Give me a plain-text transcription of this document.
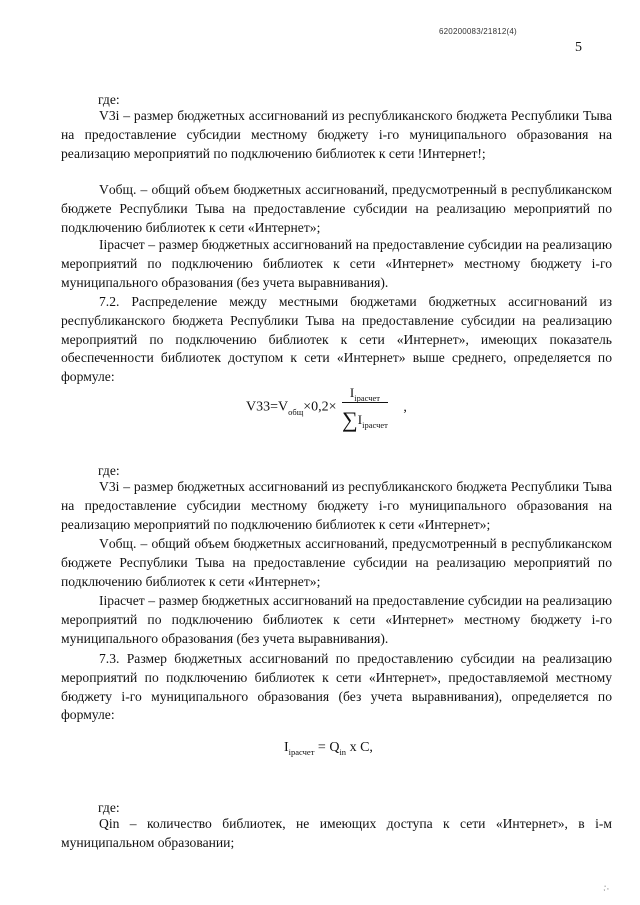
620200083/21812(4)
5
где:

V3i – размер бюджетных ассигнований из республиканского бюджета Республики Тыва на предоставление субсидии местному бюджету i-го муниципального образования на реализацию мероприятий по подключению библиотек к сети !Интернет!;

Vобщ. – общий объем бюджетных ассигнований, предусмотренный в республиканском бюджете Республики Тыва на предоставление субсидии на реализацию мероприятий по подключению библиотек к сети «Интернет»;

Iiрасчет – размер бюджетных ассигнований на предоставление субсидии на реализацию мероприятий по подключению библиотек к сети «Интернет» местному бюджету i-го муниципального образования (без учета выравнивания).

7.2. Распределение между местными бюджетами бюджетных ассигнований из республиканского бюджета Республики Тыва на предоставление субсидии на реализацию мероприятий по подключению библиотек к сети «Интернет», имеющих показатель обеспеченности библиотек доступом к сети «Интернет» выше среднего, определяется по формуле:

$V33=V_{общ}\times 0,2\times \frac{I_{iрасчет}}{\sum I_{iрасчет}}$ ,
где:

V3i – размер бюджетных ассигнований из республиканского бюджета Республики Тыва на предоставление субсидии местному бюджету i-го муниципального образования на реализацию мероприятий по подключению библиотек к сети «Интернет»;

Vобщ. – общий объем бюджетных ассигнований, предусмотренный в республиканском бюджете Республики Тыва на предоставление субсидии на реализацию мероприятий по подключению библиотек к сети «Интернет»;

Iiрасчет – размер бюджетных ассигнований на предоставление субсидии на реализацию мероприятий по подключению библиотек к сети «Интернет» местному бюджету i-го муниципального образования (без учета выравнивания).

7.3. Размер бюджетных ассигнований по предоставлению субсидии на реализацию мероприятий по подключению библиотек к сети «Интернет», предоставляемой местному бюджету i-го муниципального образования (без учета выравнивания), определяется по формуле:

$I_{iрасчет} = Q_{in}$ x C,
где:

Qin – количество библиотек, не имеющих доступа к сети «Интернет», в i-м муниципальном образовании;

∴
